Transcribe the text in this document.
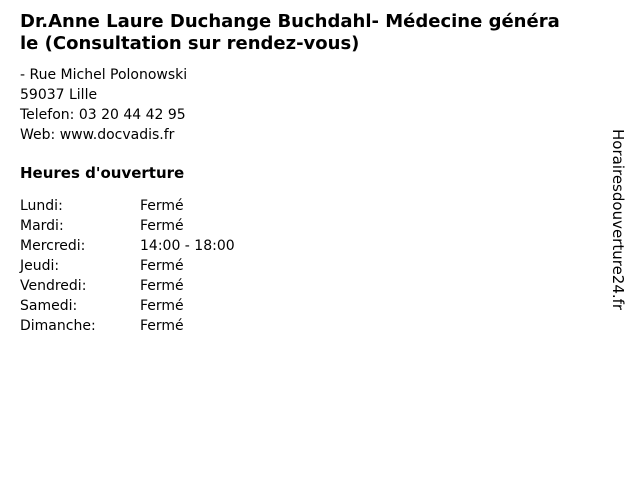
Dr.Anne Laure Duchange Buchdahl- Médecine généra
le (Consultation sur rendez-vous)
- Rue Michel Polonowski
59037 Lille
Telefon: 03 20 44 42 95
Web: www.docvadis.fr
Heures d'ouverture
Lundi:	Fermé
Mardi:	Fermé
Mercredi:	14:00 - 18:00
Jeudi:	Fermé
Vendredi:	Fermé
Samedi:	Fermé
Dimanche:	Fermé
Horairesdouverture24.fr
